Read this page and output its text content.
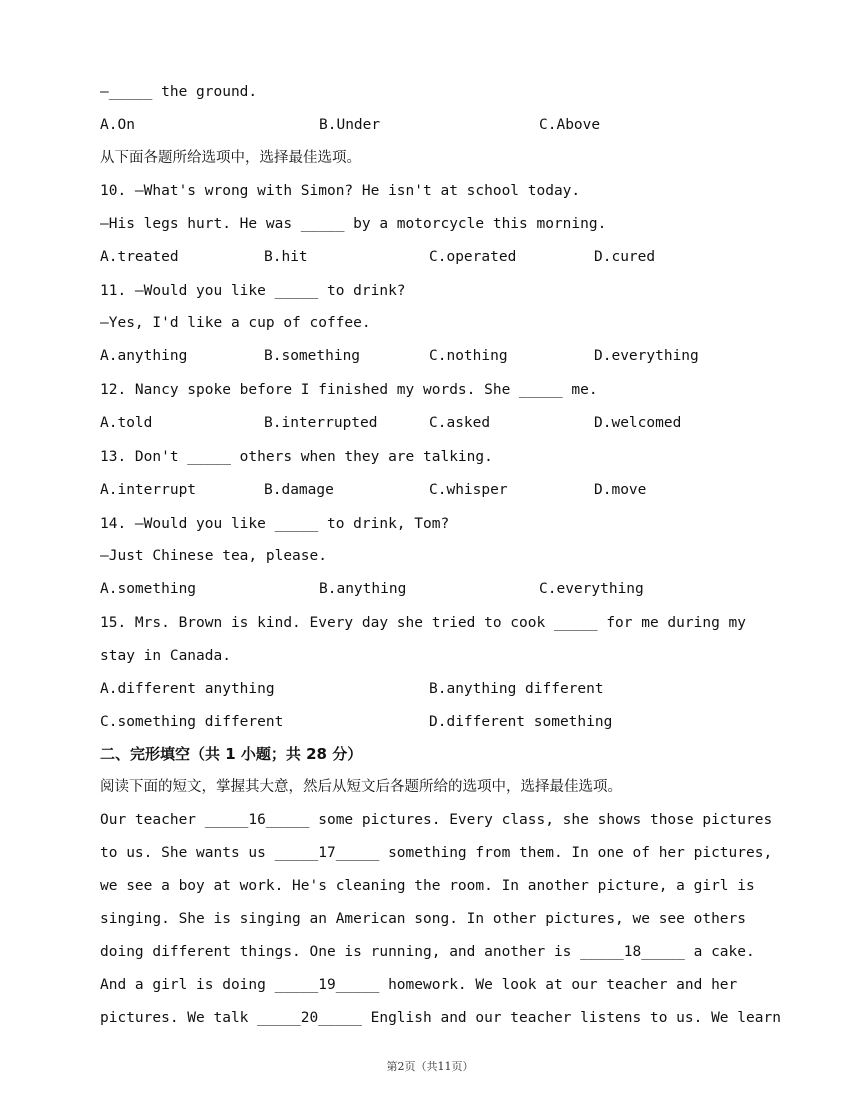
—_____ the ground.
A.On	B.Under	C.Above
从下面各题所给选项中，选择最佳选项。
10. —What's wrong with Simon? He isn't at school today.
—His legs hurt. He was _____ by a motorcycle this morning.
A.treated	B.hit	C.operated	D.cured
11. —Would you like _____ to drink?
—Yes, I'd like a cup of coffee.
A.anything	B.something	C.nothing	D.everything
12. Nancy spoke before I finished my words. She _____ me.
A.told	B.interrupted	C.asked	D.welcomed
13. Don't _____ others when they are talking.
A.interrupt	B.damage	C.whisper	D.move
14. —Would you like _____ to drink, Tom?
—Just Chinese tea, please.
A.something	B.anything	C.everything
15. Mrs. Brown is kind. Every day she tried to cook _____ for me during my
stay in Canada.
A.different anything	B.anything different
C.something different	D.different something
二、完形填空（共 1 小题；共 28 分）
阅读下面的短文，掌握其大意，然后从短文后各题所给的选项中，选择最佳选项。
Our teacher _____16_____ some pictures. Every class, she shows those pictures
to us. She wants us _____17_____ something from them. In one of her pictures,
we see a boy at work. He's cleaning the room. In another picture, a girl is
singing. She is singing an American song. In other pictures, we see others
doing different things. One is running, and another is _____18_____ a cake.
And a girl is doing _____19_____ homework. We look at our teacher and her
pictures. We talk _____20_____ English and our teacher listens to us. We learn
第2页（共11页）
